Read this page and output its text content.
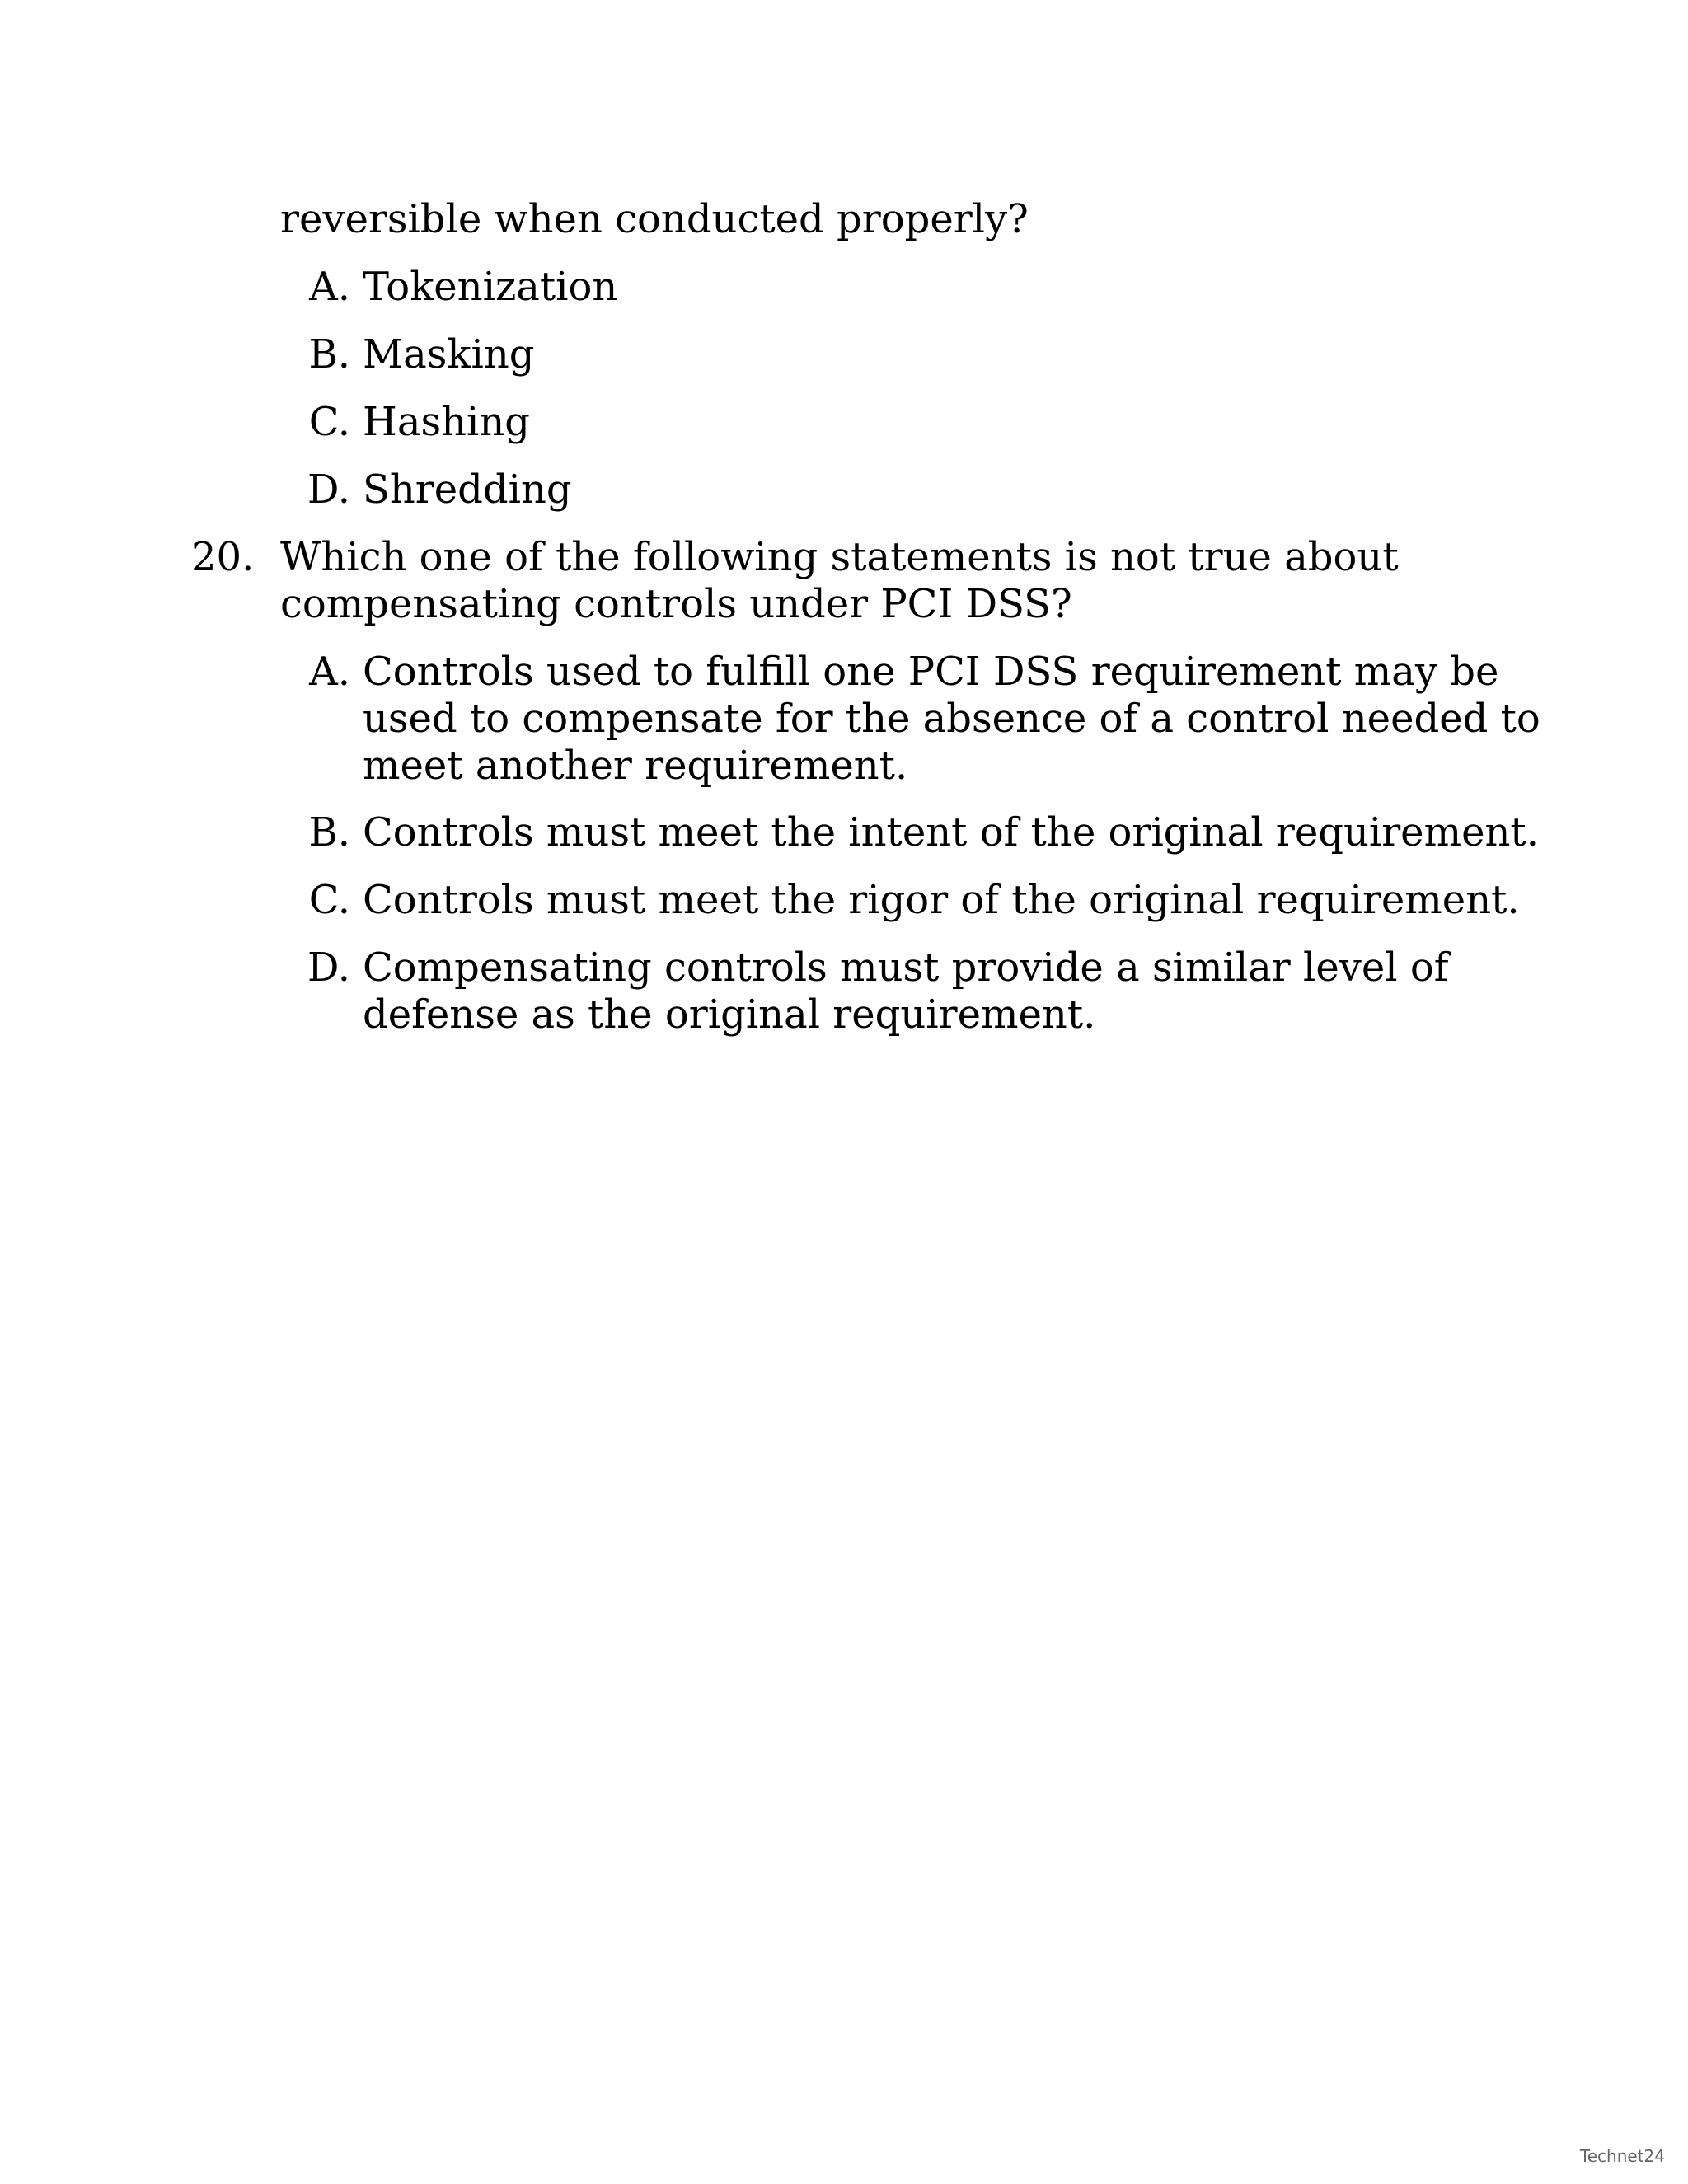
reversible when conducted properly?
A. Tokenization
B. Masking
C. Hashing
D. Shredding
20. Which one of the following statements is not true about compensating controls under PCI DSS?
A. Controls used to fulfill one PCI DSS requirement may be used to compensate for the absence of a control needed to meet another requirement.
B. Controls must meet the intent of the original requirement.
C. Controls must meet the rigor of the original requirement.
D. Compensating controls must provide a similar level of defense as the original requirement.
Technet24
